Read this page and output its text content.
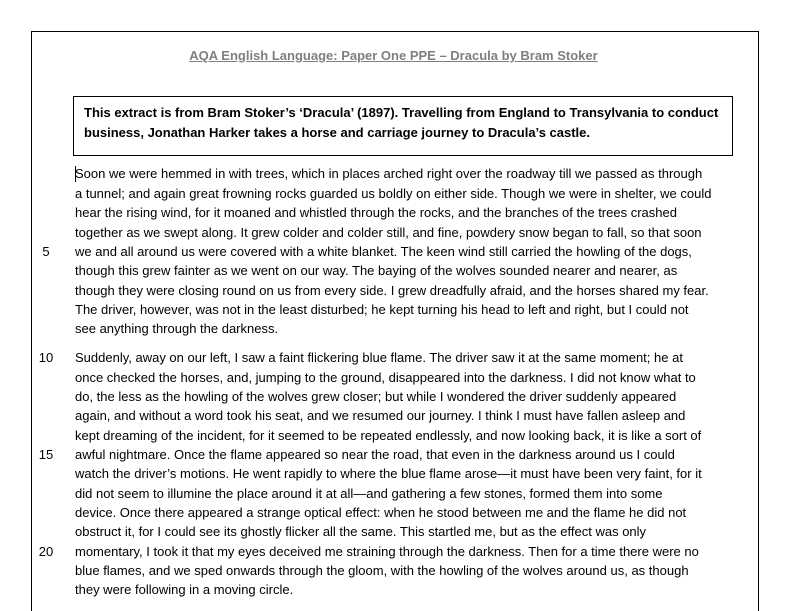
AQA English Language: Paper One PPE – Dracula by Bram Stoker
This extract is from Bram Stoker’s ‘Dracula’ (1897). Travelling from England to Transylvania to conduct business, Jonathan Harker takes a horse and carriage journey to Dracula’s castle.
5
10
15
20
Soon we were hemmed in with trees, which in places arched right over the roadway till we passed as through
a tunnel; and again great frowning rocks guarded us boldly on either side. Though we were in shelter, we could
hear the rising wind, for it moaned and whistled through the rocks, and the branches of the trees crashed
together as we swept along. It grew colder and colder still, and fine, powdery snow began to fall, so that soon
we and all around us were covered with a white blanket. The keen wind still carried the howling of the dogs,
though this grew fainter as we went on our way. The baying of the wolves sounded nearer and nearer, as
though they were closing round on us from every side. I grew dreadfully afraid, and the horses shared my fear.
The driver, however, was not in the least disturbed; he kept turning his head to left and right, but I could not
see anything through the darkness.
Suddenly, away on our left, I saw a faint flickering blue flame. The driver saw it at the same moment; he at
once checked the horses, and, jumping to the ground, disappeared into the darkness. I did not know what to
do, the less as the howling of the wolves grew closer; but while I wondered the driver suddenly appeared
again, and without a word took his seat, and we resumed our journey. I think I must have fallen asleep and
kept dreaming of the incident, for it seemed to be repeated endlessly, and now looking back, it is like a sort of
awful nightmare. Once the flame appeared so near the road, that even in the darkness around us I could
watch the driver’s motions. He went rapidly to where the blue flame arose—it must have been very faint, for it
did not seem to illumine the place around it at all—and gathering a few stones, formed them into some
device. Once there appeared a strange optical effect: when he stood between me and the flame he did not
obstruct it, for I could see its ghostly flicker all the same. This startled me, but as the effect was only
momentary, I took it that my eyes deceived me straining through the darkness. Then for a time there were no
blue flames, and we sped onwards through the gloom, with the howling of the wolves around us, as though
they were following in a moving circle.
